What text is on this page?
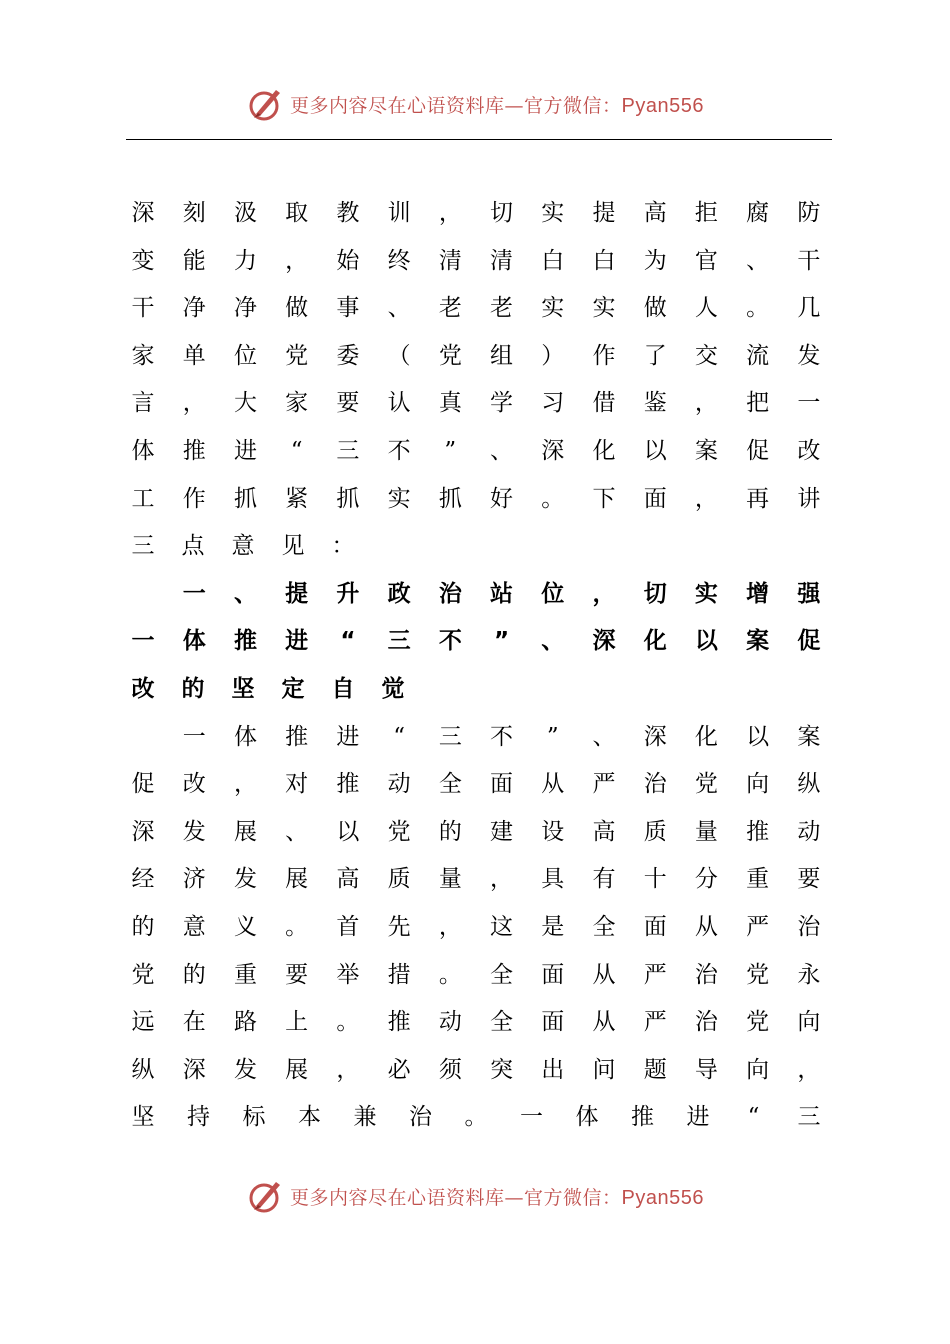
更多内容尽在心语资料库—官方微信：Pyan556
深 刻 汲 取 教 训 ， 切 实 提 高 拒 腐 防
变 能 力 ， 始 终 清 清 白 白 为 官 、 干
干 净 净 做 事 、 老 老 实 实 做 人 。 几
家 单 位 党 委 （ 党 组 ） 作 了 交 流 发
言 ， 大 家 要 认 真 学 习 借 鉴 ， 把 一
体 推 进 “ 三 不 ” 、 深 化 以 案 促 改
工 作 抓 紧 抓 实 抓 好 。 下 面 ， 再 讲
三 点 意 见 ：

一 、 提 升 政 治 站 位 ， 切 实 增 强
一 体 推 进 “ 三 不 ” 、 深 化 以 案 促
改 的 坚 定 自 觉

一 体 推 进 “ 三 不 ” 、 深 化 以 案
促 改 ， 对 推 动 全 面 从 严 治 党 向 纵
深 发 展 、 以 党 的 建 设 高 质 量 推 动
经 济 发 展 高 质 量 ， 具 有 十 分 重 要
的 意 义 。 首 先 ， 这 是 全 面 从 严 治
党 的 重 要 举 措 。 全 面 从 严 治 党 永
远 在 路 上 。 推 动 全 面 从 严 治 党 向
纵 深 发 展 ， 必 须 突 出 问 题 导 向 ，
坚 持 标 本 兼 治 。 一 体 推 进 “ 三
更多内容尽在心语资料库—官方微信：Pyan556
